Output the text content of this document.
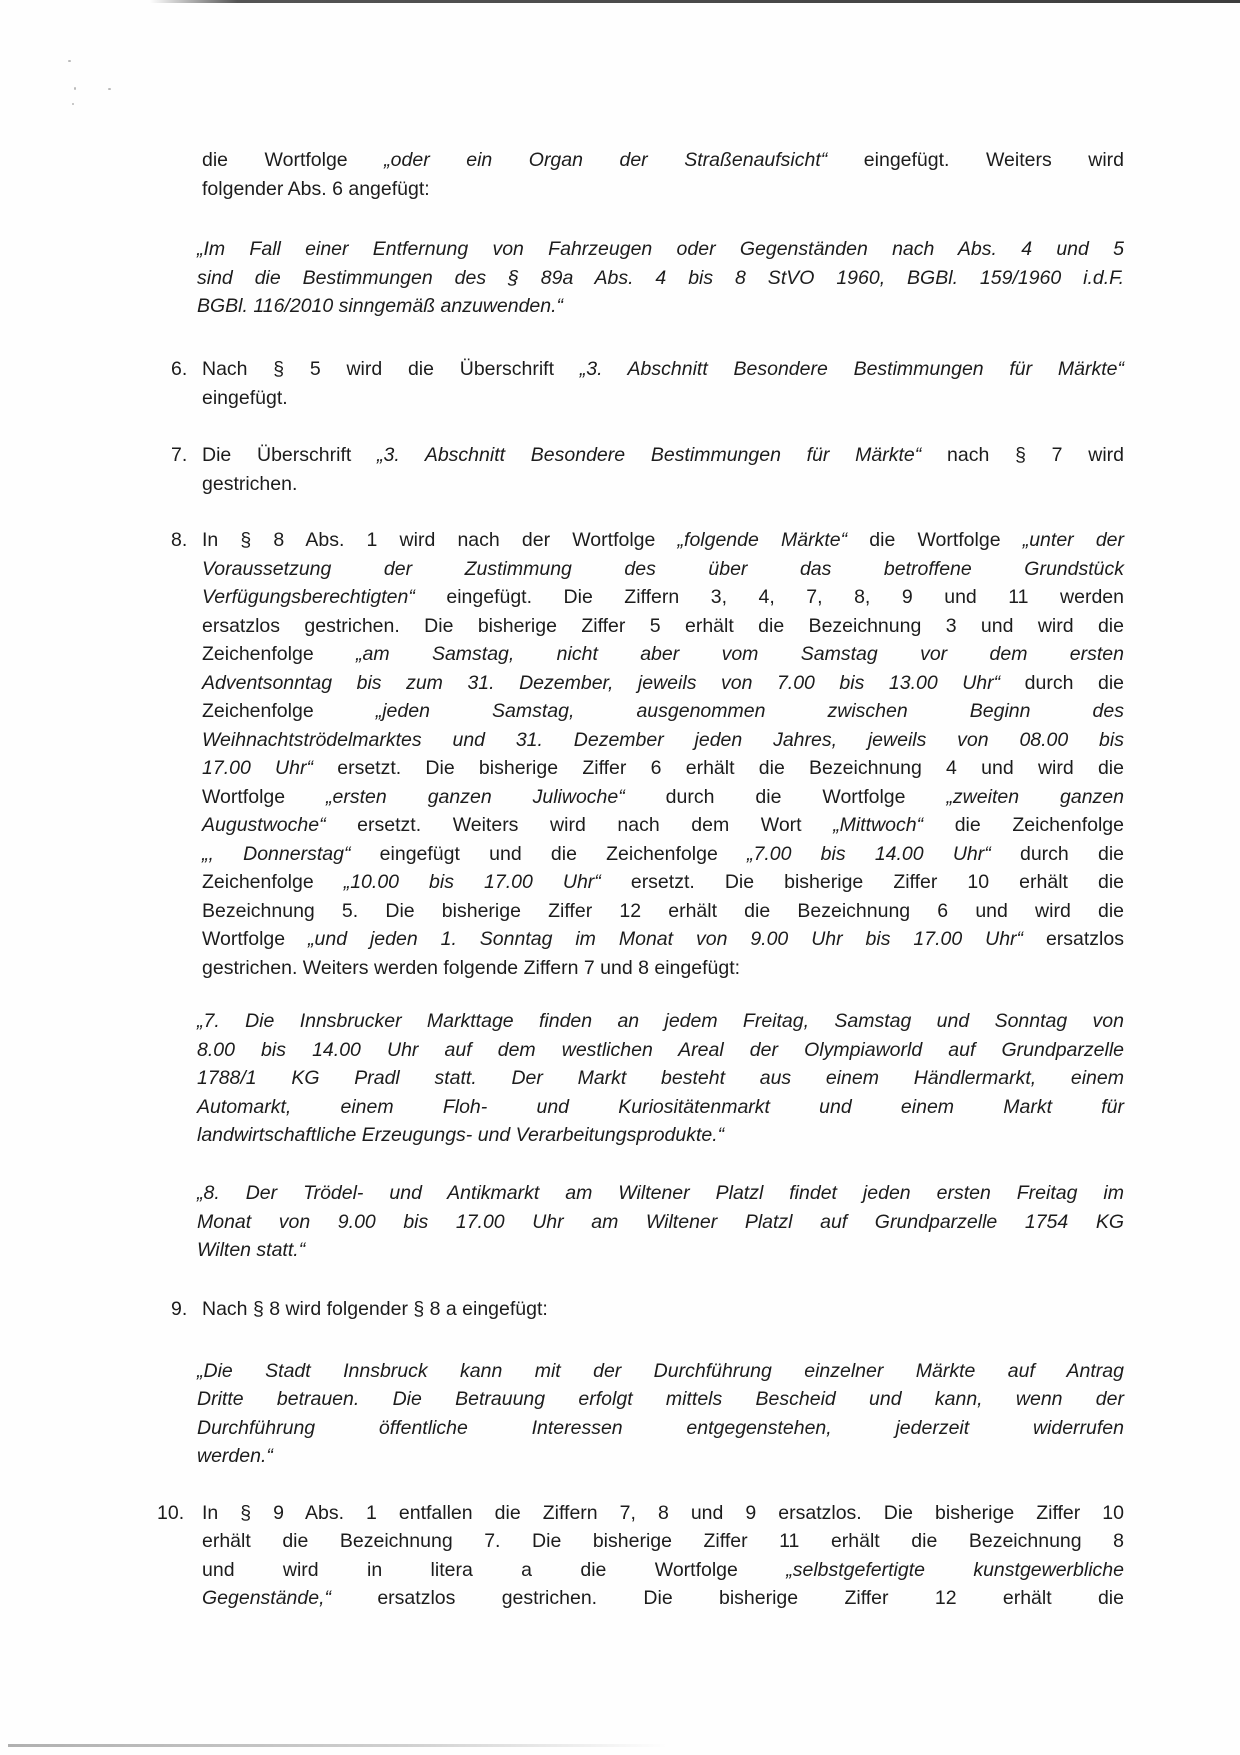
die Wortfolge „oder ein Organ der Straßenaufsicht“ eingefügt. Weiters wird
folgender Abs. 6 angefügt:
„Im Fall einer Entfernung von Fahrzeugen oder Gegenständen nach Abs. 4 und 5
sind die Bestimmungen des § 89a Abs. 4 bis 8 StVO 1960, BGBl. 159/1960 i.d.F.
BGBl. 116/2010 sinngemäß anzuwenden.“
6. Nach § 5 wird die Überschrift „3. Abschnitt Besondere Bestimmungen für Märkte“
eingefügt.
7. Die Überschrift „3. Abschnitt Besondere Bestimmungen für Märkte“ nach § 7 wird
gestrichen.
8. In § 8 Abs. 1 wird nach der Wortfolge „folgende Märkte“ die Wortfolge „unter der
Voraussetzung der Zustimmung des über das betroffene Grundstück
Verfügungsberechtigten“ eingefügt. Die Ziffern 3, 4, 7, 8, 9 und 11 werden
ersatzlos gestrichen. Die bisherige Ziffer 5 erhält die Bezeichnung 3 und wird die
Zeichenfolge „am Samstag, nicht aber vom Samstag vor dem ersten
Adventsonntag bis zum 31. Dezember, jeweils von 7.00 bis 13.00 Uhr“ durch die
Zeichenfolge „jeden Samstag, ausgenommen zwischen Beginn des
Weihnachtströdelmarktes und 31. Dezember jeden Jahres, jeweils von 08.00 bis
17.00 Uhr“ ersetzt. Die bisherige Ziffer 6 erhält die Bezeichnung 4 und wird die
Wortfolge „ersten ganzen Juliwoche“ durch die Wortfolge „zweiten ganzen
Augustwoche“ ersetzt. Weiters wird nach dem Wort „Mittwoch“ die Zeichenfolge
„, Donnerstag“ eingefügt und die Zeichenfolge „7.00 bis 14.00 Uhr“ durch die
Zeichenfolge „10.00 bis 17.00 Uhr“ ersetzt. Die bisherige Ziffer 10 erhält die
Bezeichnung 5. Die bisherige Ziffer 12 erhält die Bezeichnung 6 und wird die
Wortfolge „und jeden 1. Sonntag im Monat von 9.00 Uhr bis 17.00 Uhr“ ersatzlos
gestrichen. Weiters werden folgende Ziffern 7 und 8 eingefügt:
„7. Die Innsbrucker Markttage finden an jedem Freitag, Samstag und Sonntag von
8.00 bis 14.00 Uhr auf dem westlichen Areal der Olympiaworld auf Grundparzelle
1788/1 KG Pradl statt. Der Markt besteht aus einem Händlermarkt, einem
Automarkt, einem Floh- und Kuriositätenmarkt und einem Markt für
landwirtschaftliche Erzeugungs- und Verarbeitungsprodukte.“
„8. Der Trödel- und Antikmarkt am Wiltener Platzl findet jeden ersten Freitag im
Monat von 9.00 bis 17.00 Uhr am Wiltener Platzl auf Grundparzelle 1754 KG
Wilten statt.“
9. Nach § 8 wird folgender § 8 a eingefügt:
„Die Stadt Innsbruck kann mit der Durchführung einzelner Märkte auf Antrag
Dritte betrauen. Die Betrauung erfolgt mittels Bescheid und kann, wenn der
Durchführung öffentliche Interessen entgegenstehen, jederzeit widerrufen
werden.“
10. In § 9 Abs. 1 entfallen die Ziffern 7, 8 und 9 ersatzlos. Die bisherige Ziffer 10
erhält die Bezeichnung 7. Die bisherige Ziffer 11 erhält die Bezeichnung 8
und wird in litera a die Wortfolge „selbstgefertigte kunstgewerbliche
Gegenstände,“ ersatzlos gestrichen. Die bisherige Ziffer 12 erhält die
